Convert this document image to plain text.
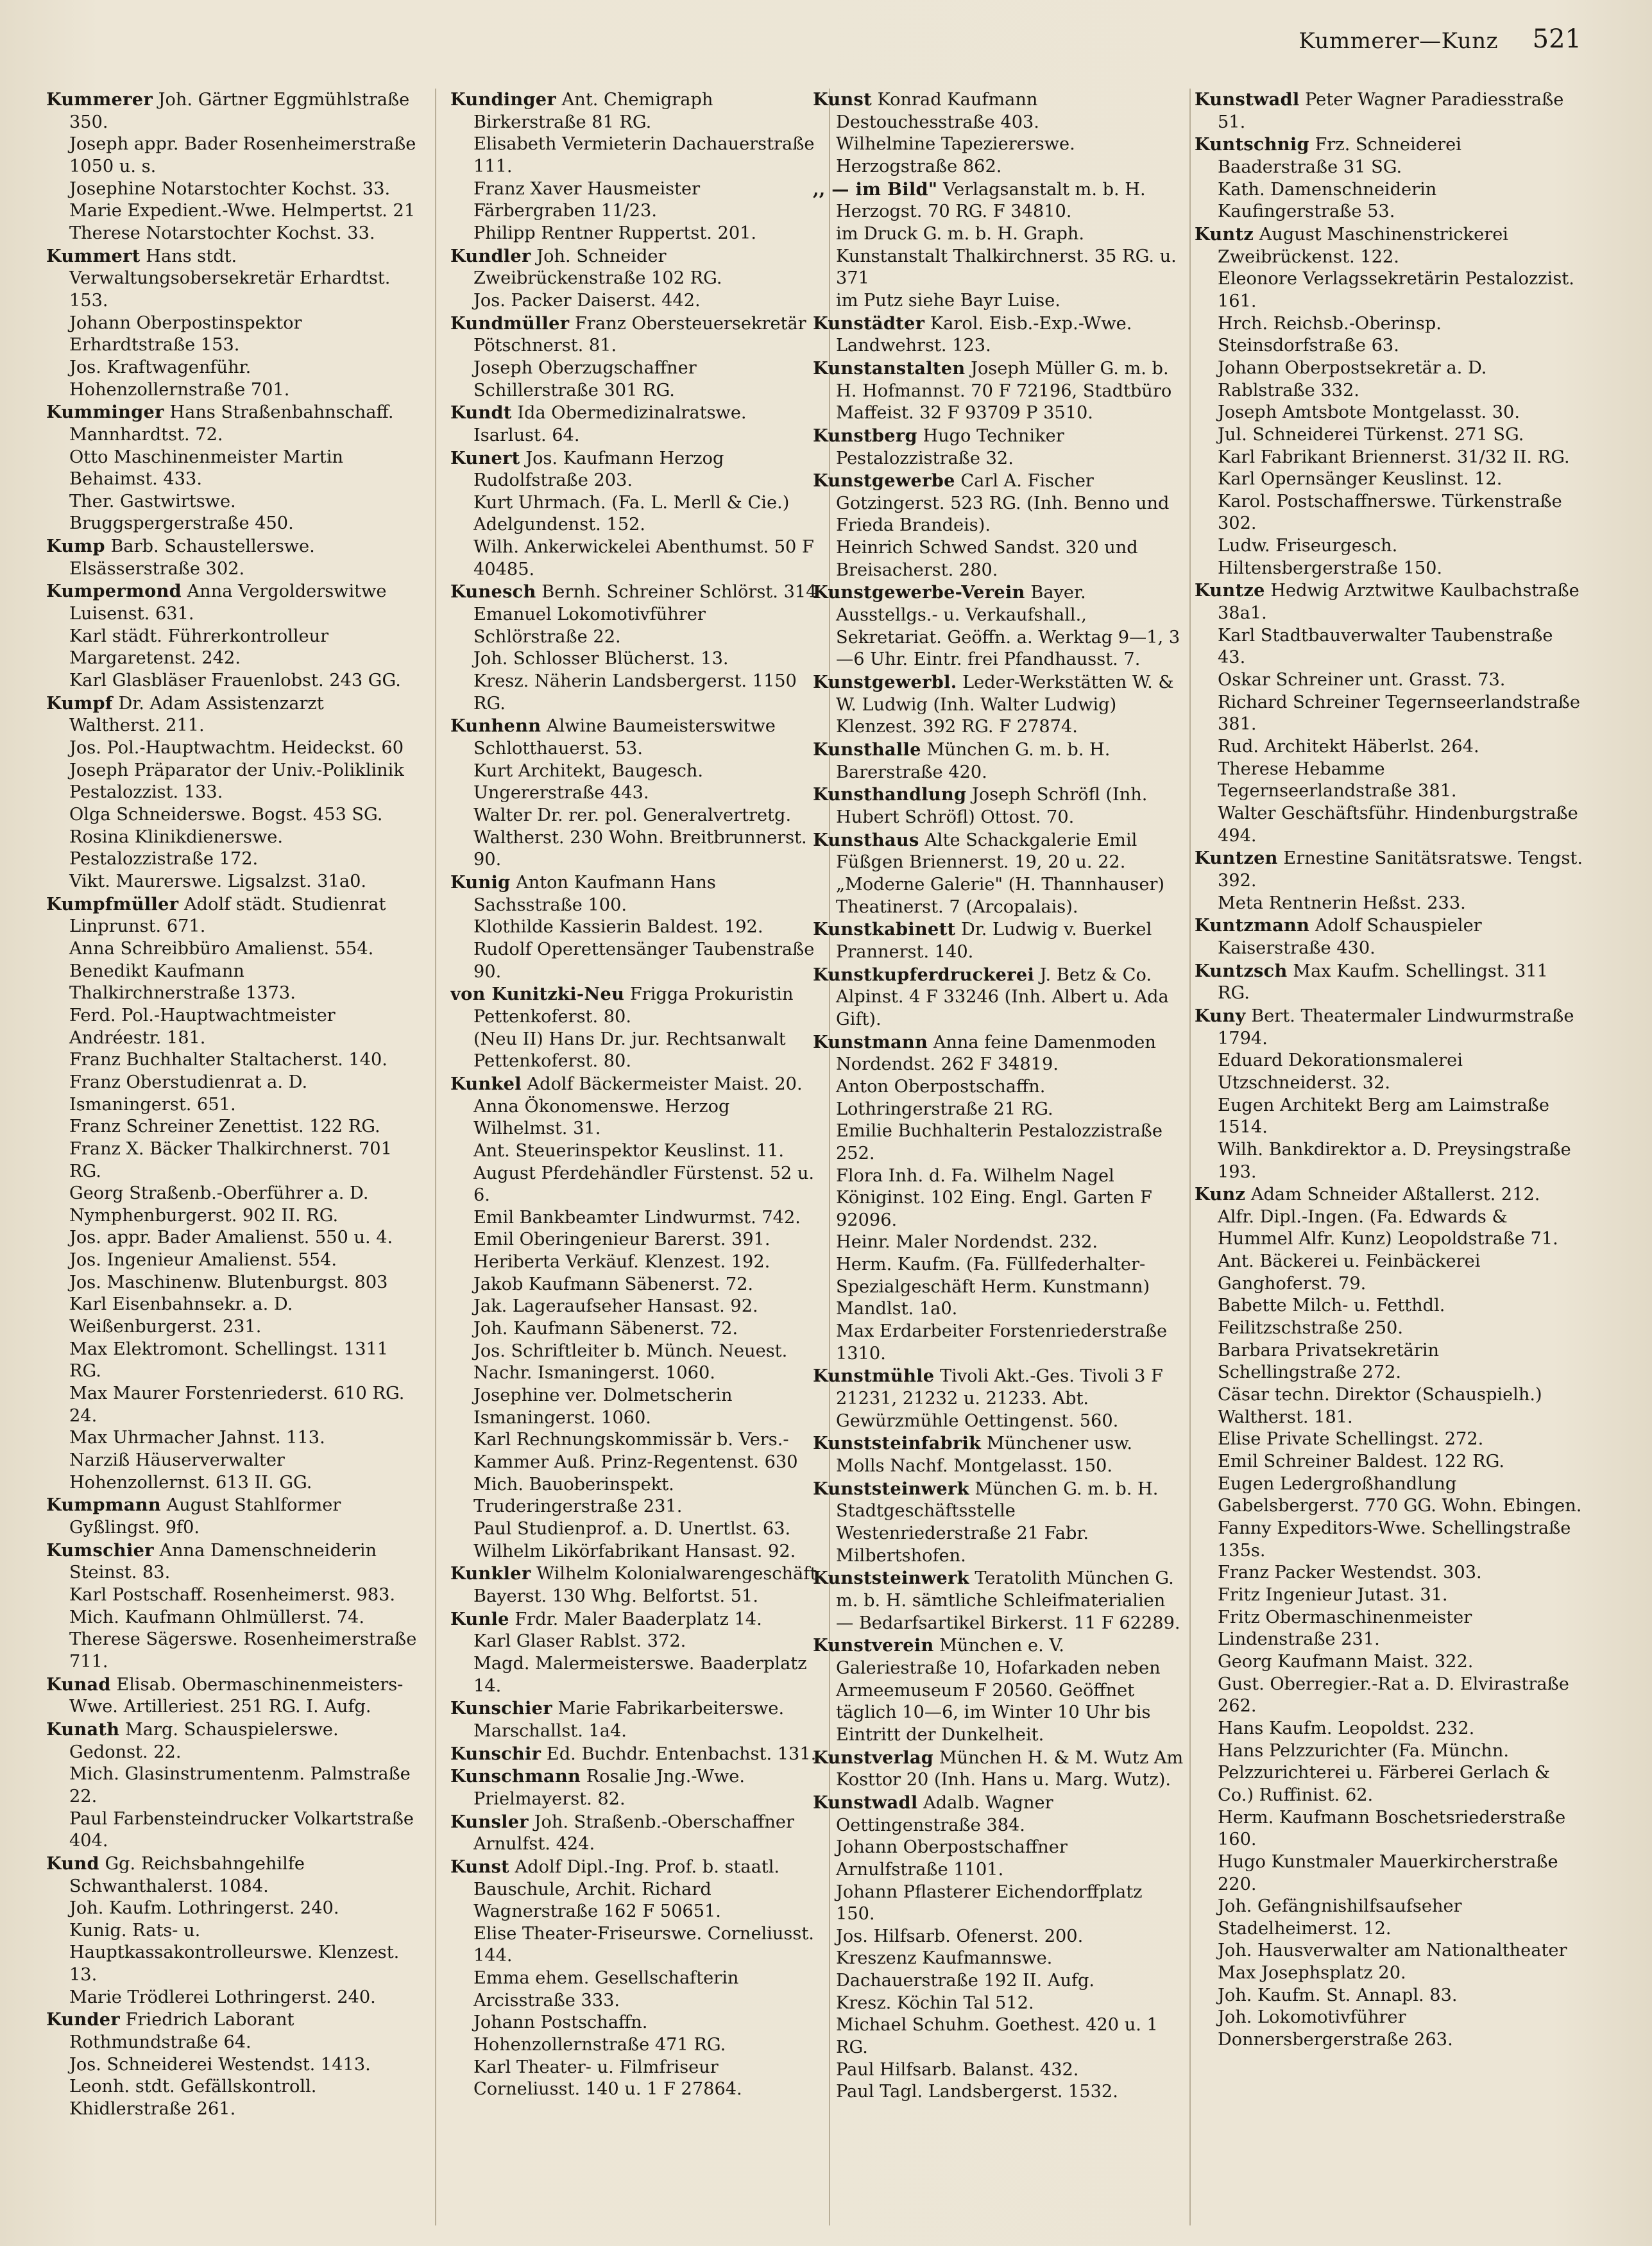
Kummerer—Kunz 521

Kummerer Joh. Gärtner Eggmühlstraße 350.

Joseph appr. Bader Rosenheimerstraße 1050 u. s.

Josephine Notarstochter Kochst. 33.

Marie Expedient.-Wwe. Helmpertst. 21

Therese Notarstochter Kochst. 33.

Kummert Hans stdt. Verwaltungsobersekretär Erhardtst. 153.

Johann Oberpostinspektor Erhardtstraße 153.

Jos. Kraftwagenführ. Hohenzollernstraße 701.

Kumminger Hans Straßenbahnschaff. Mannhardtst. 72.

Otto Maschinenmeister Martin Behaimst. 433.

Ther. Gastwirtswe. Bruggspergerstraße 450.

Kump Barb. Schaustellerswe. Elsässerstraße 302.

Kumpermond Anna Vergolderswitwe Luisenst. 631.

Karl städt. Führerkontrolleur Margaretenst. 242.

Karl Glasbläser Frauenlobst. 243 GG.

Kumpf Dr. Adam Assistenzarzt Waltherst. 211.

Jos. Pol.-Hauptwachtm. Heideckst. 60

Joseph Präparator der Univ.-Poliklinik Pestalozzist. 133.

Olga Schneiderswe. Bogst. 453 SG.

Rosina Klinikdienerswe. Pestalozzistraße 172.

Vikt. Maurerswe. Ligsalzst. 31a0.

Kumpfmüller Adolf städt. Studienrat Linprunst. 671.

Anna Schreibbüro Amalienst. 554.

Benedikt Kaufmann Thalkirchnerstraße 1373.

Ferd. Pol.-Hauptwachtmeister Andréestr. 181.

Franz Buchhalter Staltacherst. 140.

Franz Oberstudienrat a. D. Ismaningerst. 651.

Franz Schreiner Zenettist. 122 RG.

Franz X. Bäcker Thalkirchnerst. 701 RG.

Georg Straßenb.-Oberführer a. D. Nymphenburgerst. 902 II. RG.

Jos. appr. Bader Amalienst. 550 u. 4.

Jos. Ingenieur Amalienst. 554.

Jos. Maschinenw. Blutenburgst. 803

Karl Eisenbahnsekr. a. D. Weißenburgerst. 231.

Max Elektromont. Schellingst. 1311 RG.

Max Maurer Forstenriederst. 610 RG. 24.

Max Uhrmacher Jahnst. 113.

Narziß Häuserverwalter Hohenzollernst. 613 II. GG.

Kumpmann August Stahlformer Gyßlingst. 9f0.

Kumschier Anna Damenschneiderin Steinst. 83.

Karl Postschaff. Rosenheimerst. 983.

Mich. Kaufmann Ohlmüllerst. 74.

Therese Sägerswe. Rosenheimerstraße 711.

Kunad Elisab. Obermaschinenmeisters-Wwe. Artilleriest. 251 RG. I. Aufg.

Kunath Marg. Schauspielerswe. Gedonst. 22.

Mich. Glasinstrumentenm. Palmstraße 22.

Paul Farbensteindrucker Volkartstraße 404.

Kund Gg. Reichsbahngehilfe Schwanthalerst. 1084.

Joh. Kaufm. Lothringerst. 240.

Kunig. Rats- u. Hauptkassakontrolleurswe. Klenzest. 13.

Marie Trödlerei Lothringerst. 240.

Kunder Friedrich Laborant Rothmundstraße 64.

Jos. Schneiderei Westendst. 1413.

Leonh. stdt. Gefällskontroll. Khidlerstraße 261.

Kundinger Ant. Chemigraph Birkerstraße 81 RG.

Elisabeth Vermieterin Dachauerstraße 111.

Franz Xaver Hausmeister Färbergraben 11/23.

Philipp Rentner Ruppertst. 201.

Kundler Joh. Schneider Zweibrückenstraße 102 RG.

Jos. Packer Daiserst. 442.

Kundmüller Franz Obersteuersekretär Pötschnerst. 81.

Joseph Oberzugschaffner Schillerstraße 301 RG.

Kundt Ida Obermedizinalratswe. Isarlust. 64.

Kunert Jos. Kaufmann Herzog Rudolfstraße 203.

Kurt Uhrmach. (Fa. L. Merll & Cie.) Adelgundenst. 152.

Wilh. Ankerwickelei Abenthumst. 50 F 40485.

Kunesch Bernh. Schreiner Schlörst. 314

Emanuel Lokomotivführer Schlörstraße 22.

Joh. Schlosser Blücherst. 13.

Kresz. Näherin Landsbergerst. 1150 RG.

Kunhenn Alwine Baumeisterswitwe Schlotthauerst. 53.

Kurt Architekt, Baugesch. Ungererstraße 443.

Walter Dr. rer. pol. Generalvertretg. Waltherst. 230 Wohn. Breitbrunnerst. 90.

Kunig Anton Kaufmann Hans Sachsstraße 100.

Klothilde Kassierin Baldest. 192.

Rudolf Operettensänger Taubenstraße 90.

von Kunitzki-Neu Frigga Prokuristin Pettenkoferst. 80.

(Neu II) Hans Dr. jur. Rechtsanwalt Pettenkoferst. 80.

Kunkel Adolf Bäckermeister Maist. 20.

Anna Ökonomenswe. Herzog Wilhelmst. 31.

Ant. Steuerinspektor Keuslinst. 11.

August Pferdehändler Fürstenst. 52 u. 6.

Emil Bankbeamter Lindwurmst. 742.

Emil Oberingenieur Barerst. 391.

Heriberta Verkäuf. Klenzest. 192.

Jakob Kaufmann Säbenerst. 72.

Jak. Lageraufseher Hansast. 92.

Joh. Kaufmann Säbenerst. 72.

Jos. Schriftleiter b. Münch. Neuest. Nachr. Ismaningerst. 1060.

Josephine ver. Dolmetscherin Ismaningerst. 1060.

Karl Rechnungskommissär b. Vers.-Kammer Auß. Prinz-Regentenst. 630

Mich. Bauoberinspekt. Truderingerstraße 231.

Paul Studienprof. a. D. Unertlst. 63.

Wilhelm Likörfabrikant Hansast. 92.

Kunkler Wilhelm Kolonialwarengeschäft Bayerst. 130 Whg. Belfortst. 51.

Kunle Frdr. Maler Baaderplatz 14.

Karl Glaser Rablst. 372.

Magd. Malermeisterswe. Baaderplatz 14.

Kunschier Marie Fabrikarbeiterswe. Marschallst. 1a4.

Kunschir Ed. Buchdr. Entenbachst. 131.

Kunschmann Rosalie Jng.-Wwe. Prielmayerst. 82.

Kunsler Joh. Straßenb.-Oberschaffner Arnulfst. 424.

Kunst Adolf Dipl.-Ing. Prof. b. staatl. Bauschule, Archit. Richard Wagnerstraße 162 F 50651.

Elise Theater-Friseurswe. Corneliusst. 144.

Emma ehem. Gesellschafterin Arcisstraße 333.

Johann Postschaffn. Hohenzollernstraße 471 RG.

Karl Theater- u. Filmfriseur Corneliusst. 140 u. 1 F 27864.

Kunst Konrad Kaufmann Destouchesstraße 403.

Wilhelmine Tapeziererswe. Herzogstraße 862.

,, — im Bild" Verlagsanstalt m. b. H. Herzogst. 70 RG. F 34810.

im Druck G. m. b. H. Graph. Kunstanstalt Thalkirchnerst. 35 RG. u. 371

im Putz siehe Bayr Luise.

Kunstädter Karol. Eisb.-Exp.-Wwe. Landwehrst. 123.

Kunstanstalten Joseph Müller G. m. b. H. Hofmannst. 70 F 72196, Stadtbüro Maffeist. 32 F 93709 P 3510.

Kunstberg Hugo Techniker Pestalozzistraße 32.

Kunstgewerbe Carl A. Fischer Gotzingerst. 523 RG. (Inh. Benno und Frieda Brandeis).

Heinrich Schwed Sandst. 320 und Breisacherst. 280.

Kunstgewerbe-Verein Bayer. Ausstellgs.- u. Verkaufshall., Sekretariat. Geöffn. a. Werktag 9—1, 3—6 Uhr. Eintr. frei Pfandhausst. 7.

Kunstgewerbl. Leder-Werkstätten W. & W. Ludwig (Inh. Walter Ludwig) Klenzest. 392 RG. F 27874.

Kunsthalle München G. m. b. H. Barerstraße 420.

Kunsthandlung Joseph Schröfl (Inh. Hubert Schröfl) Ottost. 70.

Kunsthaus Alte Schackgalerie Emil Füßgen Briennerst. 19, 20 u. 22.

„Moderne Galerie" (H. Thannhauser) Theatinerst. 7 (Arcopalais).

Kunstkabinett Dr. Ludwig v. Buerkel Prannerst. 140.

Kunstkupferdruckerei J. Betz & Co. Alpinst. 4 F 33246 (Inh. Albert u. Ada Gift).

Kunstmann Anna feine Damenmoden Nordendst. 262 F 34819.

Anton Oberpostschaffn. Lothringerstraße 21 RG.

Emilie Buchhalterin Pestalozzistraße 252.

Flora Inh. d. Fa. Wilhelm Nagel Königinst. 102 Eing. Engl. Garten F 92096.

Heinr. Maler Nordendst. 232.

Herm. Kaufm. (Fa. Füllfederhalter-Spezialgeschäft Herm. Kunstmann) Mandlst. 1a0.

Max Erdarbeiter Forstenriederstraße 1310.

Kunstmühle Tivoli Akt.-Ges. Tivoli 3 F 21231, 21232 u. 21233. Abt. Gewürzmühle Oettingenst. 560.

Kunststeinfabrik Münchener usw. Molls Nachf. Montgelasst. 150.

Kunststeinwerk München G. m. b. H. Stadtgeschäftsstelle Westenriederstraße 21 Fabr. Milbertshofen.

Kunststeinwerk Teratolith München G. m. b. H. sämtliche Schleifmaterialien — Bedarfsartikel Birkerst. 11 F 62289.

Kunstverein München e. V. Galeriestraße 10, Hofarkaden neben Armeemuseum F 20560. Geöffnet täglich 10—6, im Winter 10 Uhr bis Eintritt der Dunkelheit.

Kunstverlag München H. & M. Wutz Am Kosttor 20 (Inh. Hans u. Marg. Wutz).

Kunstwadl Adalb. Wagner Oettingenstraße 384.

Johann Oberpostschaffner Arnulfstraße 1101.

Johann Pflasterer Eichendorffplatz 150.

Jos. Hilfsarb. Ofenerst. 200.

Kreszenz Kaufmannswe. Dachauerstraße 192 II. Aufg.

Kresz. Köchin Tal 512.

Michael Schuhm. Goethest. 420 u. 1 RG.

Paul Hilfsarb. Balanst. 432.

Paul Tagl. Landsbergerst. 1532.

Kunstwadl Peter Wagner Paradiesstraße 51.

Kuntschnig Frz. Schneiderei Baaderstraße 31 SG.

Kath. Damenschneiderin Kaufingerstraße 53.

Kuntz August Maschinenstrickerei Zweibrückenst. 122.

Eleonore Verlagssekretärin Pestalozzist. 161.

Hrch. Reichsb.-Oberinsp. Steinsdorfstraße 63.

Johann Oberpostsekretär a. D. Rablstraße 332.

Joseph Amtsbote Montgelasst. 30.

Jul. Schneiderei Türkenst. 271 SG.

Karl Fabrikant Briennerst. 31/32 II. RG.

Karl Opernsänger Keuslinst. 12.

Karol. Postschaffnerswe. Türkenstraße 302.

Ludw. Friseurgesch. Hiltensbergerstraße 150.

Kuntze Hedwig Arztwitwe Kaulbachstraße 38a1.

Karl Stadtbauverwalter Taubenstraße 43.

Oskar Schreiner unt. Grasst. 73.

Richard Schreiner Tegernseerlandstraße 381.

Rud. Architekt Häberlst. 264.

Therese Hebamme Tegernseerlandstraße 381.

Walter Geschäftsführ. Hindenburgstraße 494.

Kuntzen Ernestine Sanitätsratswe. Tengst. 392.

Meta Rentnerin Heßst. 233.

Kuntzmann Adolf Schauspieler Kaiserstraße 430.

Kuntzsch Max Kaufm. Schellingst. 311 RG.

Kuny Bert. Theatermaler Lindwurmstraße 1794.

Eduard Dekorationsmalerei Utzschneiderst. 32.

Eugen Architekt Berg am Laimstraße 1514.

Wilh. Bankdirektor a. D. Preysingstraße 193.

Kunz Adam Schneider Aßtallerst. 212.

Alfr. Dipl.-Ingen. (Fa. Edwards & Hummel Alfr. Kunz) Leopoldstraße 71.

Ant. Bäckerei u. Feinbäckerei Ganghoferst. 79.

Babette Milch- u. Fetthdl. Feilitzschstraße 250.

Barbara Privatsekretärin Schellingstraße 272.

Cäsar techn. Direktor (Schauspielh.) Waltherst. 181.

Elise Private Schellingst. 272.

Emil Schreiner Baldest. 122 RG.

Eugen Ledergroßhandlung Gabelsbergerst. 770 GG. Wohn. Ebingen.

Fanny Expeditors-Wwe. Schellingstraße 135s.

Franz Packer Westendst. 303.

Fritz Ingenieur Jutast. 31.

Fritz Obermaschinenmeister Lindenstraße 231.

Georg Kaufmann Maist. 322.

Gust. Oberregier.-Rat a. D. Elvirastraße 262.

Hans Kaufm. Leopoldst. 232.

Hans Pelzzurichter (Fa. Münchn. Pelzzurichterei u. Färberei Gerlach & Co.) Ruffinist. 62.

Herm. Kaufmann Boschetsriederstraße 160.

Hugo Kunstmaler Mauerkircherstraße 220.

Joh. Gefängnishilfsaufseher Stadelheimerst. 12.

Joh. Hausverwalter am Nationaltheater Max Josephsplatz 20.

Joh. Kaufm. St. Annapl. 83.

Joh. Lokomotivführer Donnersbergerstraße 263.
